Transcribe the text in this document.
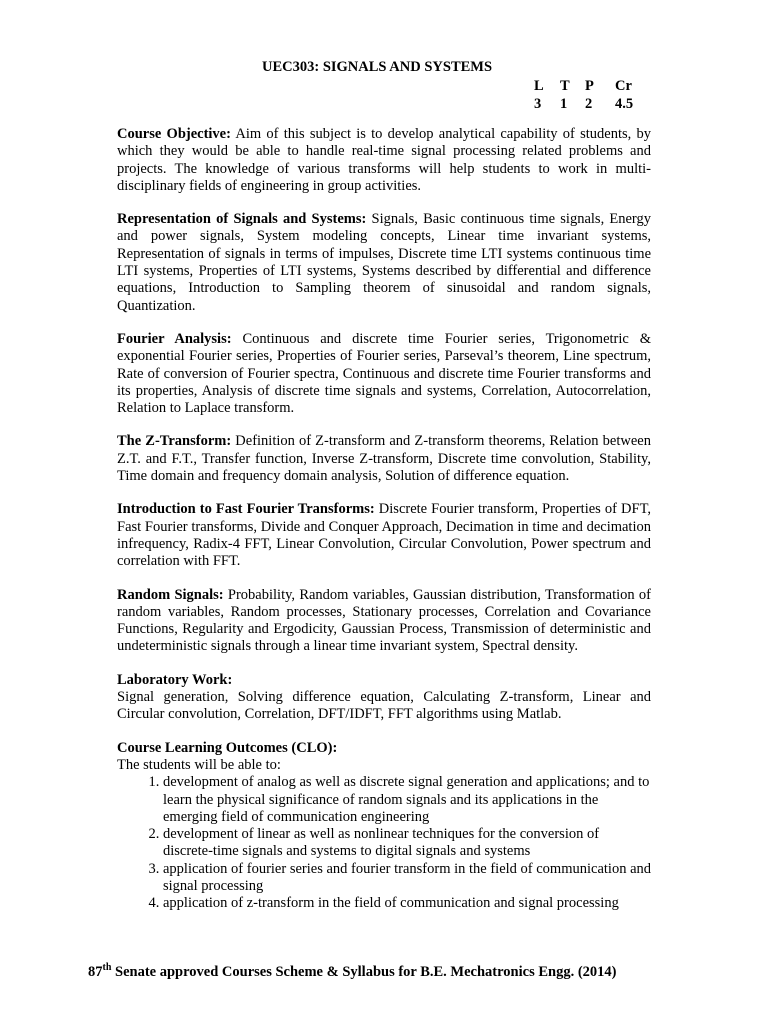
UEC303: SIGNALS AND SYSTEMS
L	T	P	Cr
3	1	2	4.5

Course Objective: Aim of this subject is to develop analytical capability of students, by which they would be able to handle real-time signal processing related problems and projects. The knowledge of various transforms will help students to work in multi-disciplinary fields of engineering in group activities.

Representation of Signals and Systems: Signals, Basic continuous time signals, Energy and power signals, System modeling concepts, Linear time invariant systems, Representation of signals in terms of impulses, Discrete time LTI systems continuous time LTI systems, Properties of LTI systems, Systems described by differential and difference equations, Introduction to Sampling theorem of sinusoidal and random signals, Quantization.

Fourier Analysis: Continuous and discrete time Fourier series, Trigonometric & exponential Fourier series, Properties of Fourier series, Parseval’s theorem, Line spectrum, Rate of conversion of Fourier spectra, Continuous and discrete time Fourier transforms and its properties, Analysis of discrete time signals and systems, Correlation, Autocorrelation, Relation to Laplace transform.

The Z-Transform: Definition of Z-transform and Z-transform theorems, Relation between Z.T. and F.T., Transfer function, Inverse Z-transform, Discrete time convolution, Stability, Time domain and frequency domain analysis, Solution of difference equation.

Introduction to Fast Fourier Transforms: Discrete Fourier transform, Properties of DFT, Fast Fourier transforms, Divide and Conquer Approach, Decimation in time and decimation infrequency, Radix-4 FFT, Linear Convolution, Circular Convolution, Power spectrum and correlation with FFT.

Random Signals: Probability, Random variables, Gaussian distribution, Transformation of random variables, Random processes, Stationary processes, Correlation and Covariance Functions, Regularity and Ergodicity, Gaussian Process, Transmission of deterministic and undeterministic signals through a linear time invariant system, Spectral density.

Laboratory Work:
Signal generation, Solving difference equation, Calculating Z-transform, Linear and Circular convolution, Correlation, DFT/IDFT, FFT algorithms using Matlab.
Course Learning Outcomes (CLO):
The students will be able to:
1. development of analog as well as discrete signal generation and applications; and to learn the physical significance of random signals and its applications in the emerging field of communication engineering
2. development of linear as well as nonlinear techniques for the conversion of discrete-time signals and systems to digital signals and systems
3. application of fourier series and fourier transform in the field of communication and signal processing
4. application of z-transform in the field of communication and signal processing
87th Senate approved Courses Scheme & Syllabus for B.E. Mechatronics Engg. (2014)
